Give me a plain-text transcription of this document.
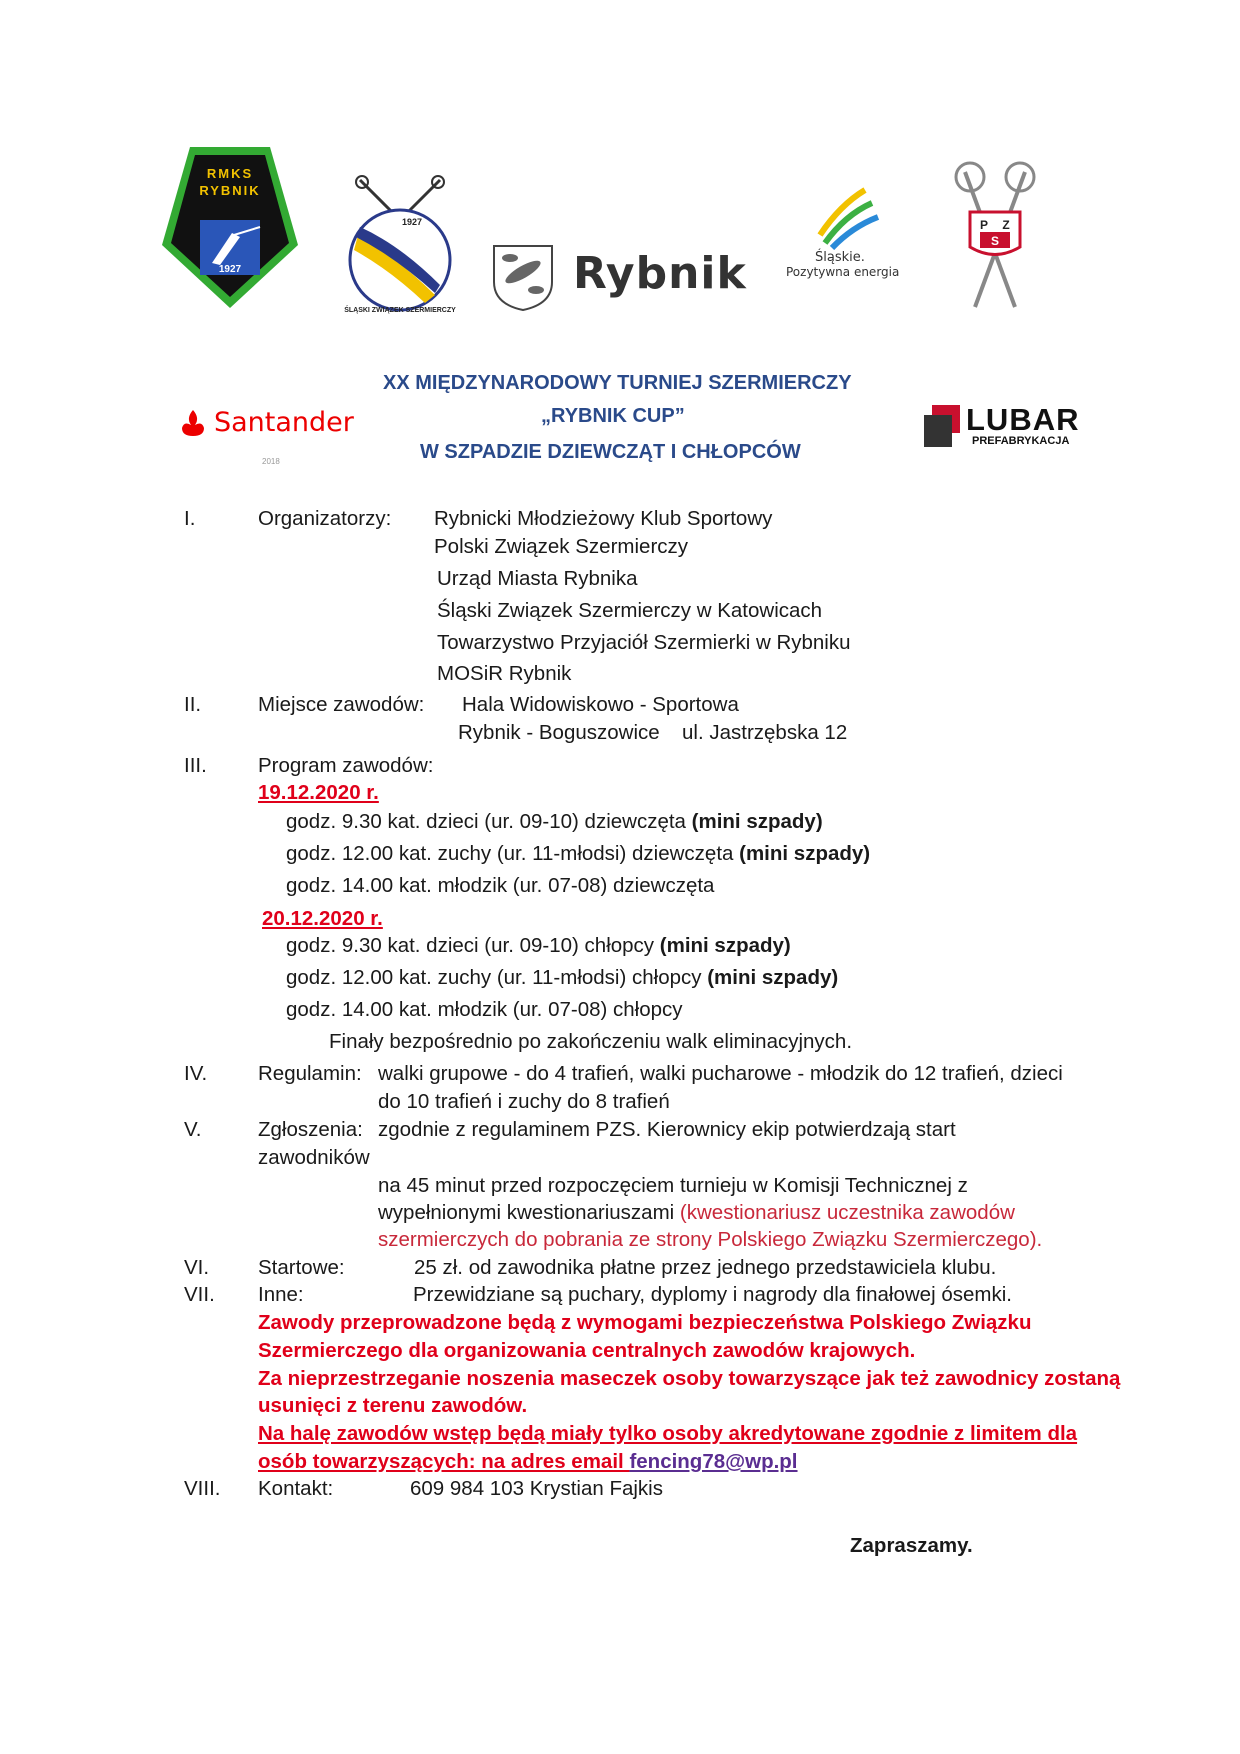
RMKS
RYBNIK
1927
1927
ŚLĄSKI ZWIĄZEK SZERMIERCZY
Rybnik	Śląskie.
Pozytywna energia
P Z
S
Santander
2018
LUBAR
PREFABRYKACJA
XX MIĘDZYNARODOWY TURNIEJ SZERMIERCZY
„RYBNIK CUP”
W SZPADZIE DZIEWCZĄT I CHŁOPCÓW
I.	Organizatorzy: Rybnicki Młodzieżowy Klub Sportowy
Polski Związek Szermierczy
Urząd Miasta Rybnika
Śląski Związek Szermierczy w Katowicach
Towarzystwo Przyjaciół Szermierki w Rybniku
MOSiR Rybnik
II.	Miejsce zawodów: Hala Widowiskowo - Sportowa
Rybnik - Boguszowice ul. Jastrzębska 12
III. Program zawodów:
19.12.2020 r.
godz. 9.30 kat. dzieci (ur. 09-10) dziewczęta (mini szpady)
godz. 12.00 kat. zuchy (ur. 11-młodsi) dziewczęta (mini szpady)
godz. 14.00 kat. młodzik (ur. 07-08) dziewczęta
20.12.2020 r.
godz. 9.30 kat. dzieci (ur. 09-10) chłopcy (mini szpady)
godz. 12.00 kat. zuchy (ur. 11-młodsi) chłopcy (mini szpady)
godz. 14.00 kat. młodzik (ur. 07-08) chłopcy
Finały bezpośrednio po zakończeniu walk eliminacyjnych.
IV. Regulamin: walki grupowe - do 4 trafień, walki pucharowe - młodzik do 12 trafień, dzieci
do 10 trafień i zuchy do 8 trafień
V.	Zgłoszenia: zgodnie z regulaminem PZS. Kierownicy ekip potwierdzają start
zawodników
na 45 minut przed rozpoczęciem turnieju w Komisji Technicznej z
wypełnionymi kwestionariuszami (kwestionariusz uczestnika zawodów
szermierczych do pobrania ze strony Polskiego Związku Szermierczego).
VI. Startowe:	25 zł. od zawodnika płatne przez jednego przedstawiciela klubu.
VII. Inne:	Przewidziane są puchary, dyplomy i nagrody dla finałowej ósemki.
Zawody przeprowadzone będą z wymogami bezpieczeństwa Polskiego Związku
Szermierczego dla organizowania centralnych zawodów krajowych.
Za nieprzestrzeganie noszenia maseczek osoby towarzyszące jak też zawodnicy zostaną
usunięci z terenu zawodów.
Na halę zawodów wstęp będą miały tylko osoby akredytowane zgodnie z limitem dla
osób towarzyszących: na adres email fencing78@wp.pl
VIII. Kontakt:	609 984 103 Krystian Fajkis
Zapraszamy.
